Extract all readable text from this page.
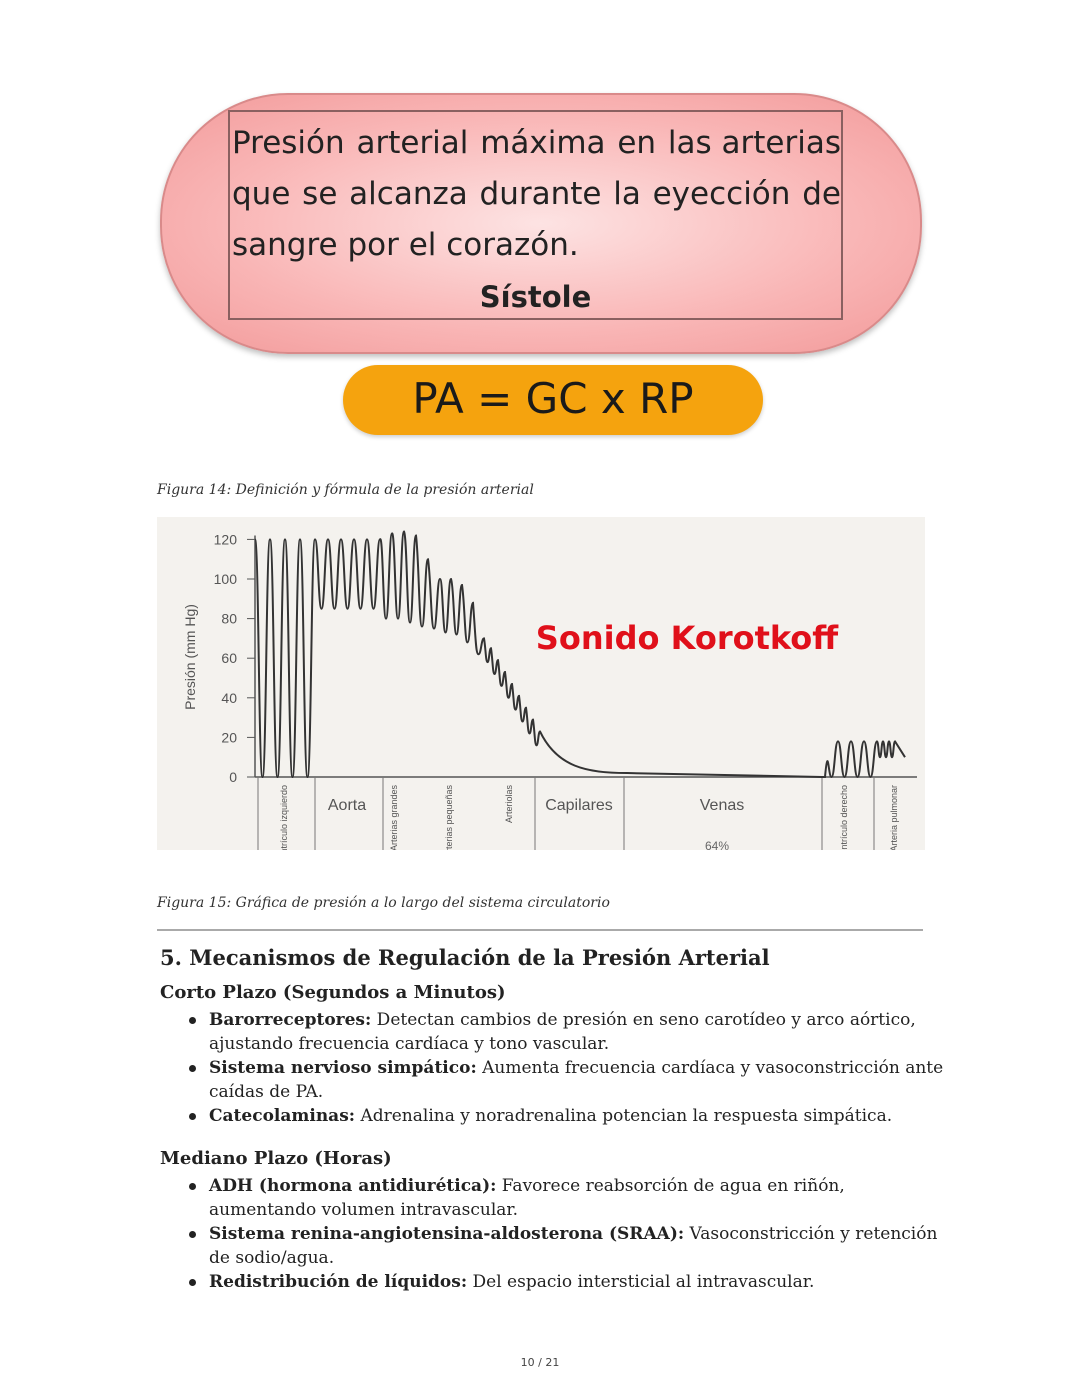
Presión arterial máxima en las arterias
que se alcanza durante la eyección de
sangre por el corazón.
Sístole
PA = GC x RP
Figura 14: Definición y fórmula de la presión arterial
0
20
40
60
80
100
120
Presión (mm Hg)
Ventrículo izquierdo Aorta	Arterias grandes	Arterias pequeñas	Arteriolas Capilares	Venas	Ventrículo derecho	Arteria pulmonar
64%
Sonido Korotkoff
Figura 15: Gráfica de presión a lo largo del sistema circulatorio
5. Mecanismos de Regulación de la Presión Arterial
Corto Plazo (Segundos a Minutos)
Barorreceptores: Detectan cambios de presión en seno carotídeo y arco aórtico, ajustando frecuencia cardíaca y tono vascular.
Sistema nervioso simpático: Aumenta frecuencia cardíaca y vasoconstricción ante caídas de PA.
Catecolaminas: Adrenalina y noradrenalina potencian la respuesta simpática.
Mediano Plazo (Horas)
ADH (hormona antidiurética): Favorece reabsorción de agua en riñón, aumentando volumen intravascular.
Sistema renina-angiotensina-aldosterona (SRAA): Vasoconstricción y retención de sodio/agua.
Redistribución de líquidos: Del espacio intersticial al intravascular.
10 / 21
